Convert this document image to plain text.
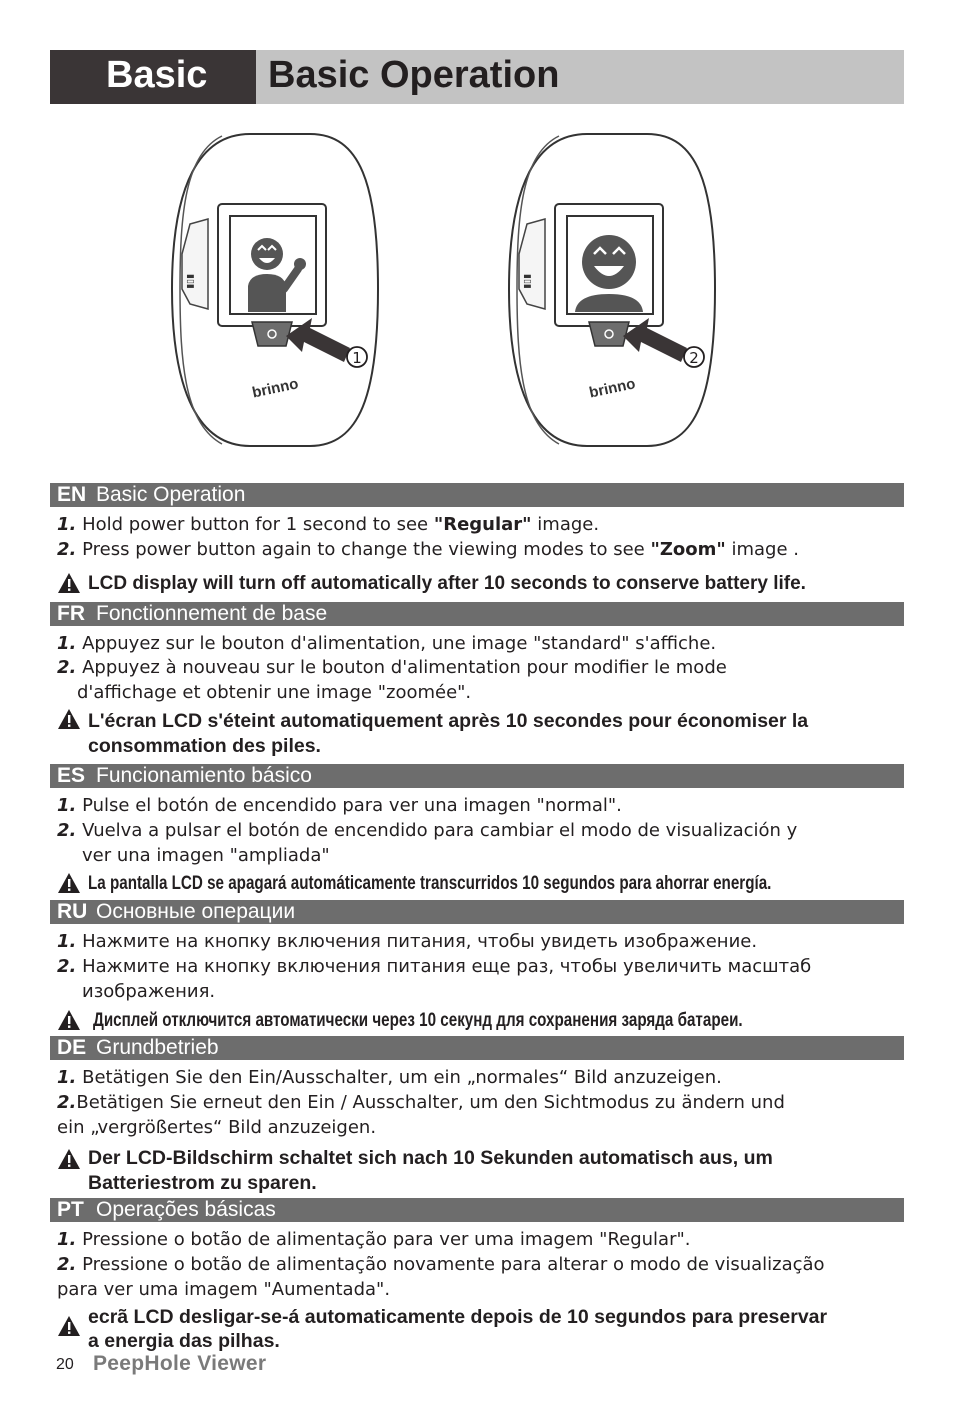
Basic Basic Operation
▮▯▮
1
brinno
▮▯▮
2
brinno
EN Basic Operation
1. Hold power button for 1 second to see "Regular" image.
2. Press power button again to change the viewing modes to see "Zoom" image .
LCD display will turn off automatically after 10 seconds to conserve battery life.
FR Fonctionnement de base
1. Appuyez sur le bouton d'alimentation, une image "standard" s'affiche.
2. Appuyez à nouveau sur le bouton d'alimentation pour modifier le mode
d'affichage et obtenir une image "zoomée".
L'écran LCD s'éteint automatiquement après 10 secondes pour économiser la
consommation des piles.
ES Funcionamiento básico
1. Pulse el botón de encendido para ver una imagen "normal".
2. Vuelva a pulsar el botón de encendido para cambiar el modo de visualización y
ver una imagen "ampliada"
La pantalla LCD se apagará automáticamente transcurridos 10 segundos para ahorrar energía.
RU Основные операции
1. Нажмите на кнопку включения питания, чтобы увидеть изображение.
2. Нажмите на кнопку включения питания еще раз, чтобы увеличить масштаб
изображения.
Дисплей отключится автоматически через 10 секунд для сохранения заряда батареи.
DE Grundbetrieb
1. Betätigen Sie den Ein/Ausschalter, um ein „normales“ Bild anzuzeigen.
2.Betätigen Sie erneut den Ein / Ausschalter, um den Sichtmodus zu ändern und
ein „vergrößertes“ Bild anzuzeigen.
Der LCD-Bildschirm schaltet sich nach 10 Sekunden automatisch aus, um
Batteriestrom zu sparen.
PT Operações básicas
1. Pressione o botão de alimentação para ver uma imagem "Regular".
2. Pressione o botão de alimentação novamente para alterar o modo de visualização
para ver uma imagem "Aumentada".
ecrã LCD desligar-se-á automaticamente depois de 10 segundos para preservar
a energia das pilhas.
20 PeepHole Viewer
